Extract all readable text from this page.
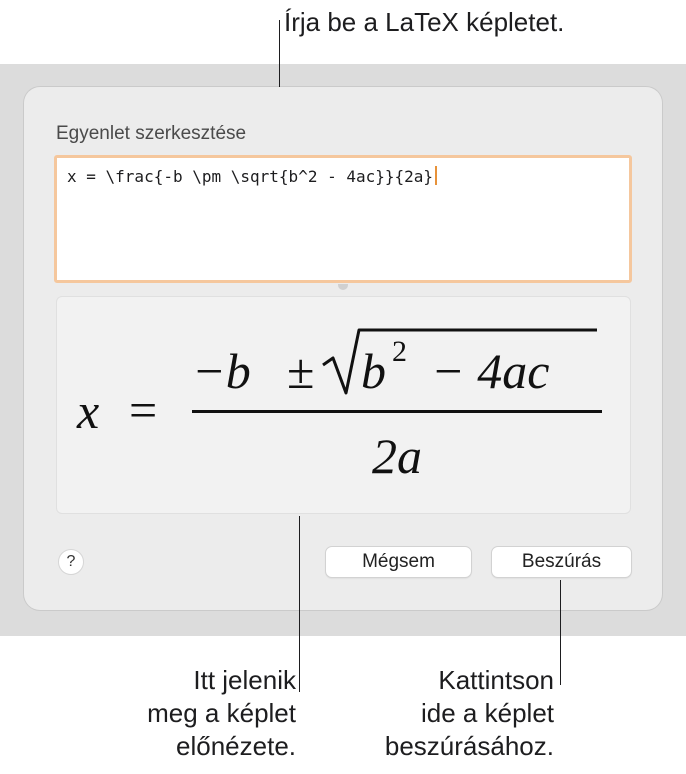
Írja be a LaTeX képletet.
Egyenlet szerkesztése
x = \frac{-b \pm \sqrt{b^2 - 4ac}}{2a}
x =
−b ± b 2 − 4ac
2a
?	Mégsem	Beszúrás
Itt jelenik
meg a képlet
előnézete.
Kattintson
ide a képlet
beszúrásához.
